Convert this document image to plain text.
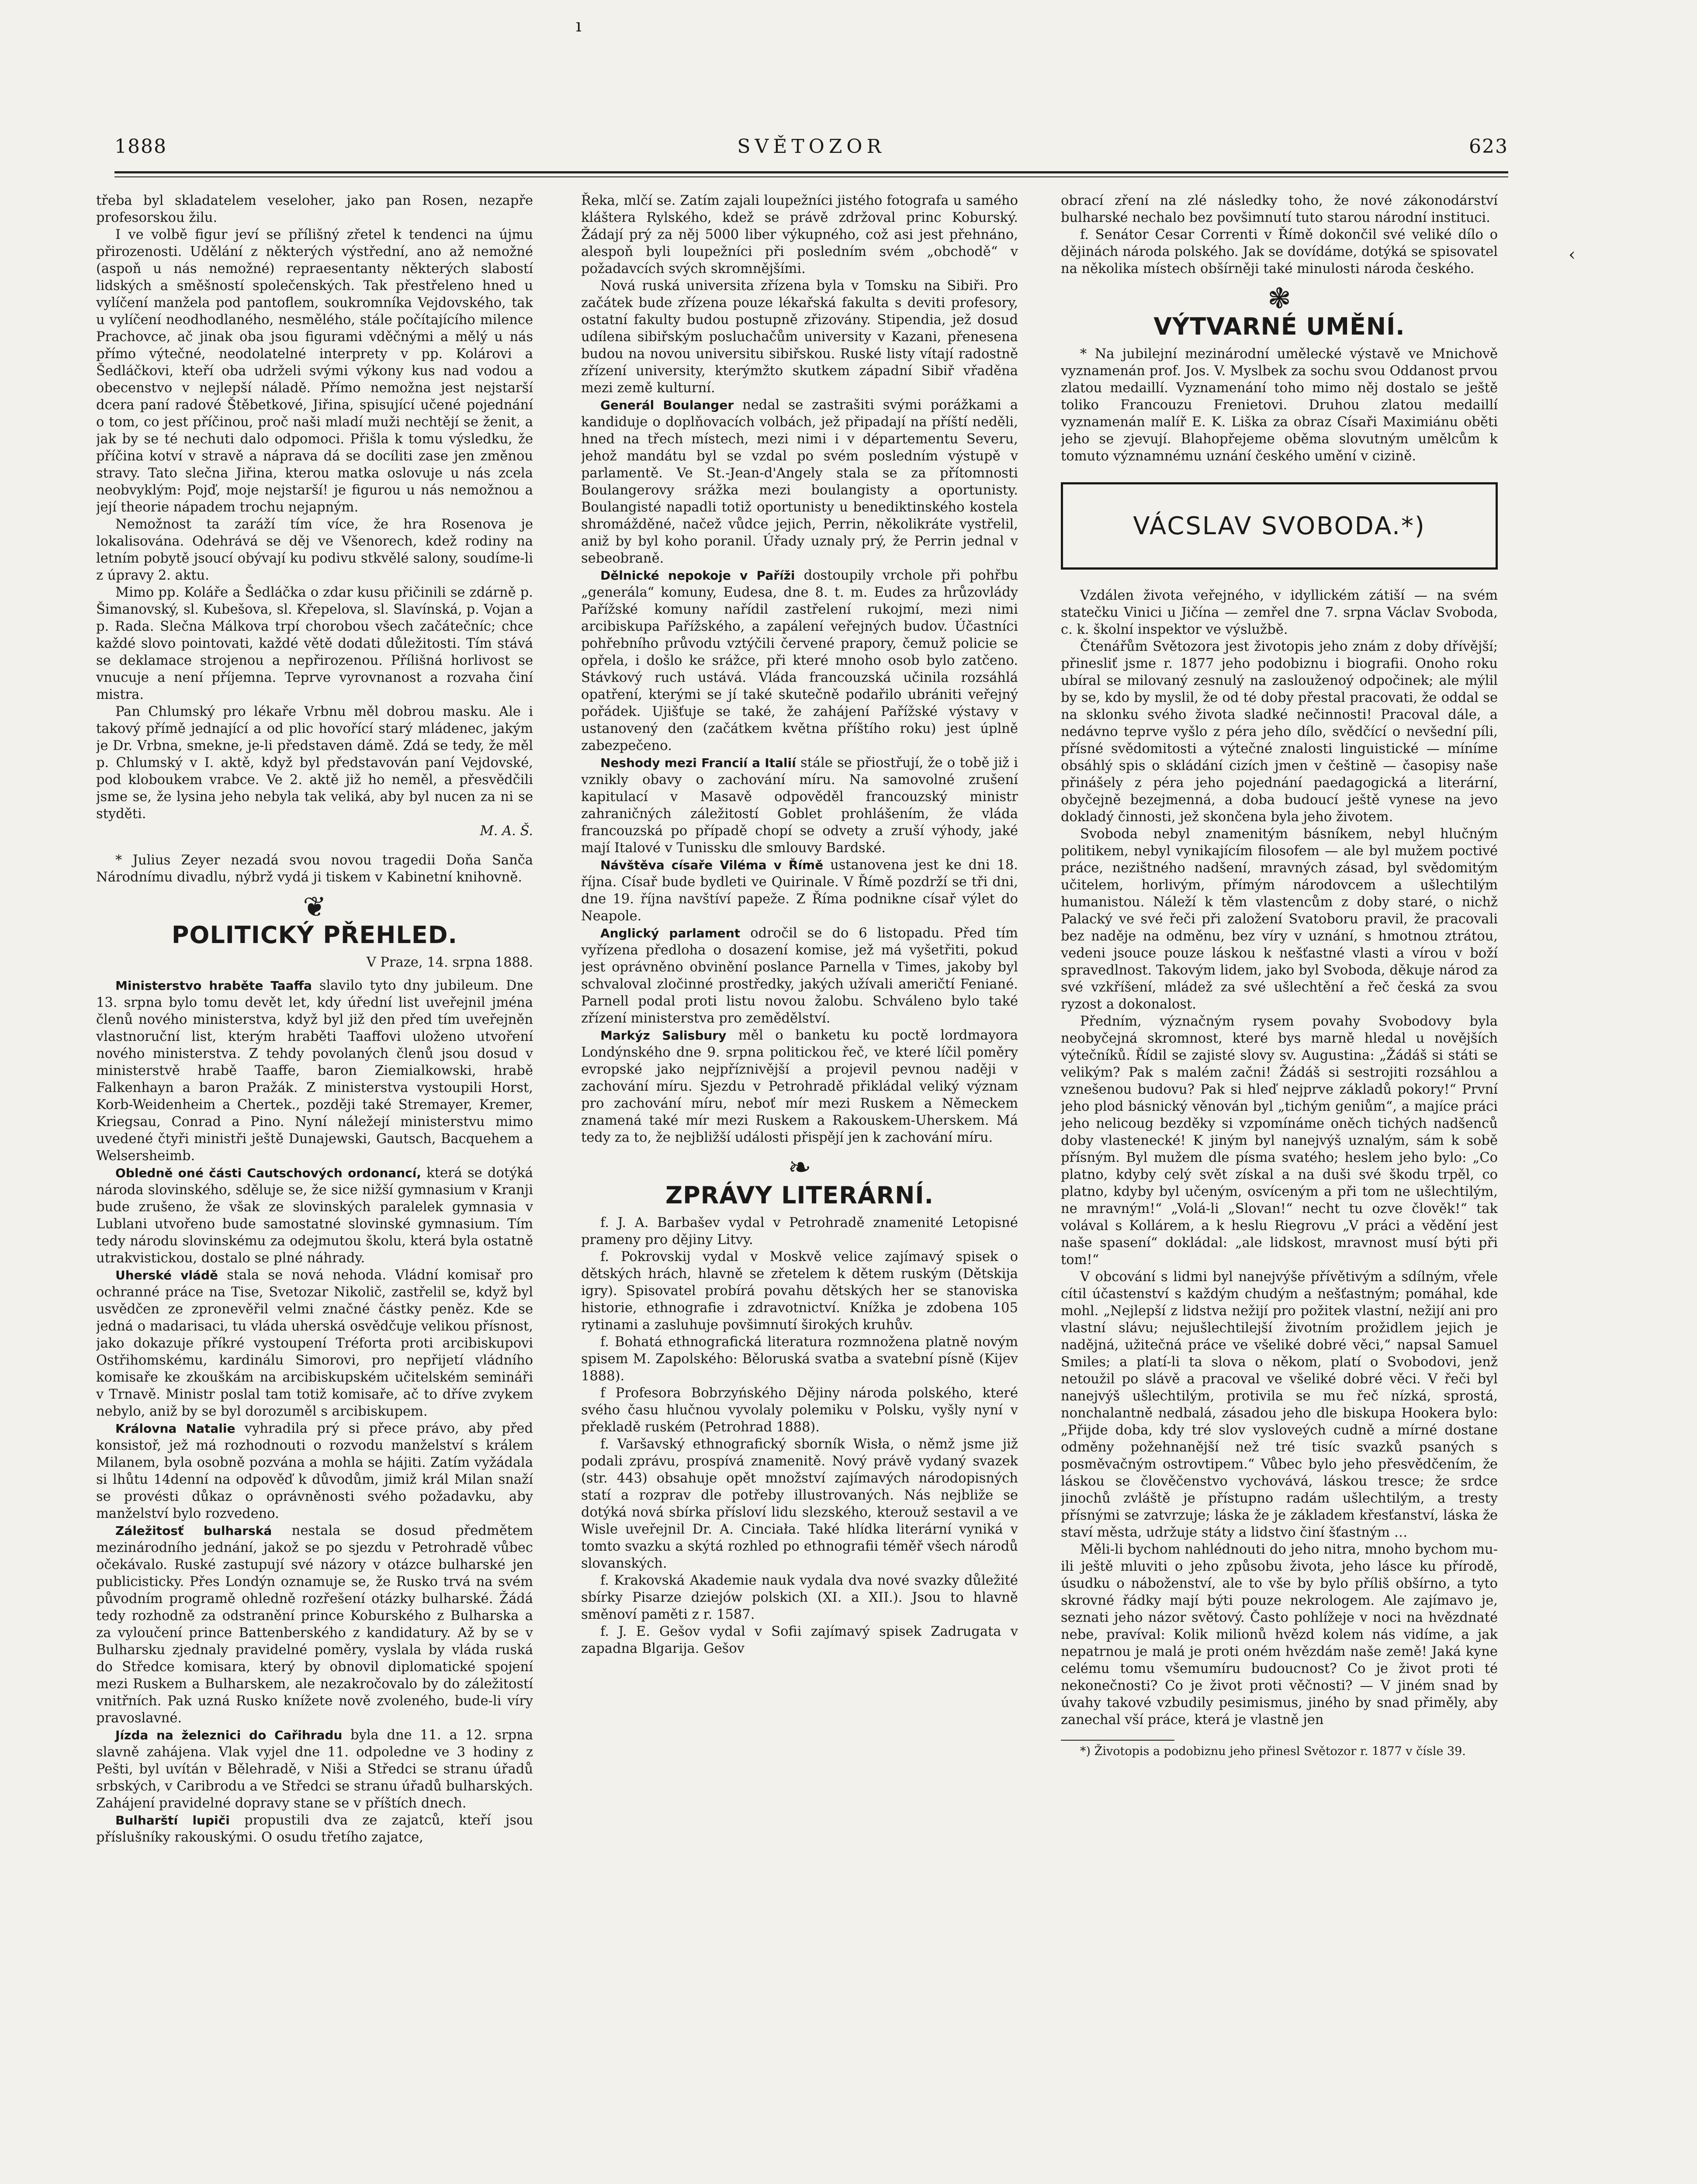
1888	SVĚTOZOR	623
ı
‹

třeba byl skladatelem veseloher, jako pan Rosen, nezapře profesorskou žilu.

I ve volbě figur jeví se přílišný zřetel k tendenci na újmu přirozenosti. Udělání z některých výstřední, ano až nemožné (aspoň u nás nemožné) repraesentanty některých slabostí lidských a směšností společenských. Tak přestřeleno hned u vylíčení manžela pod pantoflem, soukromníka Vejdovského, tak u vylíčení neodhodlaného, nesmělého, stále počítajícího milence Prachovce, ač jinak oba jsou figurami vděčnými a mělý u nás přímo výtečné, neodolatelné interprety v pp. Kolárovi a Šedláčkovi, kteří oba udrželi svými výkony kus nad vodou a obecenstvo v nejlepší náladě. Přímo nemožna jest nejstarší dcera paní radové Štěbetkové, Jiřina, spisující učené pojednání o tom, co jest příčinou, proč naši mladí muži nechtějí se ženit, a jak by se té nechuti dalo odpomoci. Přišla k tomu výsledku, že příčina kotví v stravě a náprava dá se docíliti zase jen změnou stravy. Tato slečna Jiřina, kterou matka oslovuje u nás zcela neobvyklým: Pojď, moje nejstarší! je figurou u nás nemožnou a její theorie nápadem trochu nejapným.

Nemožnost ta zaráží tím více, že hra Rosenova je lokalisována. Odehrává se děj ve Všenorech, kdež rodiny na letním pobytě jsoucí obývají ku podivu stkvělé salony, soudíme-li z úpravy 2. aktu.

Mimo pp. Koláře a Šedláčka o zdar kusu přičinili se zdárně p. Šimanovský, sl. Kubešova, sl. Křepelova, sl. Slavínská, p. Vojan a p. Rada. Slečna Málkova trpí chorobou všech začátečníc; chce každé slovo pointovati, každé větě dodati důležitosti. Tím stává se deklamace strojenou a nepřirozenou. Přílišná horlivost se vnucuje a není příjemna. Teprve vyrovnanost a rozvaha činí mistra.

Pan Chlumský pro lékaře Vrbnu měl dobrou masku. Ale i takový přímě jednající a od plic hovořící starý mládenec, jakým je Dr. Vrbna, smekne, je-li představen dámě. Zdá se tedy, že měl p. Chlumský v I. aktě, když byl představován paní Vejdovské, pod kloboukem vrabce. Ve 2. aktě již ho neměl, a přesvědčili jsme se, že lysina jeho nebyla tak veliká, aby byl nucen za ni se styděti.

M. A. Š.

* Julius Zeyer nezadá svou novou tragedii Doňa Sanča Národnímu divadlu, nýbrž vydá ji tiskem v Kabinetní knihovně.

❦
POLITICKÝ PŘEHLED.
V Praze, 14. srpna 1888.

Ministerstvo hraběte Taaffa slavilo tyto dny jubileum. Dne 13. srpna bylo tomu devět let, kdy úřední list uveřejnil jména členů nového ministerstva, když byl již den před tím uveřejněn vlastnoruční list, kterým hraběti Taaffovi uloženo utvoření nového ministerstva. Z tehdy povolaných členů jsou dosud v ministerstvě hrabě Taaffe, baron Ziemialkowski, hrabě Falkenhayn a baron Pražák. Z ministerstva vystoupili Horst, Korb-Weidenheim a Chertek., později také Stremayer, Kremer, Kriegsau, Conrad a Pino. Nyní náležejí ministerstvu mimo uvedené čtyři ministři ještě Dunajewski, Gautsch, Bacquehem a Welsersheimb.

Obledně oné části Cautschových ordonancí, která se dotýká národa slovinského, sděluje se, že sice nižší gymnasium v Kranji bude zrušeno, že však ze slovinských paralelek gymnasia v Lublani utvořeno bude samostatné slovinské gymnasium. Tím tedy národu slovinskému za odejmutou školu, která byla ostatně utrakvistickou, dostalo se plné náhrady.

Uherské vládě stala se nová nehoda. Vládní komisař pro ochranné práce na Tise, Svetozar Nikolič, zastřelil se, když byl usvědčen ze zpronevěřil velmi značné částky peněz. Kde se jedná o madarisaci, tu vláda uherská osvědčuje velikou přísnost, jako dokazuje příkré vystoupení Tréforta proti arcibiskupovi Ostřihomskému, kardinálu Simorovi, pro nepřijetí vládního komisaře ke zkouškám na arcibiskupském učitelském semináři v Trnavě. Ministr poslal tam totiž komisaře, ač to dříve zvykem nebylo, aniž by se byl dorozuměl s arcibiskupem.

Královna Natalie vyhradila prý si přece právo, aby před konsistoř, jež má rozhodnouti o rozvodu manželství s králem Milanem, byla osobně pozvána a mohla se hájiti. Zatím vyžádala si lhůtu 14denní na odpověď k důvodům, jimiž král Milan snaží se provésti důkaz o oprávněnosti svého požadavku, aby manželství bylo rozvedeno.

Záležitosť bulharská nestala se dosud předmětem mezinárodního jednání, jakož se po sjezdu v Petrohradě vůbec očekávalo. Ruské zastupují své názory v otázce bulharské jen publicisticky. Přes Londýn oznamuje se, že Rusko trvá na svém původním programě ohledně rozřešení otázky bulharské. Žádá tedy rozhodně za odstranění prince Koburského z Bulharska a za vyloučení prince Battenberského z kandidatury. Až by se v Bulharsku zjednaly pravidelné poměry, vyslala by vláda ruská do Středce komisara, který by obnovil diplomatické spojení mezi Ruskem a Bulharskem, ale nezakročovalo by do záležitostí vnitřních. Pak uzná Rusko knížete nově zvoleného, bude-li víry pravoslavné.

Jízda na železnici do Cařihradu byla dne 11. a 12. srpna slavně zahájena. Vlak vyjel dne 11. odpoledne ve 3 hodiny z Pešti, byl uvítán v Bělehradě, v Niši a Středci se stranu úřadů srbských, v Caribrodu a ve Středci se stranu úřadů bulharských. Zahájení pravidelné dopravy stane se v příštích dnech.

Bulharští lupiči propustili dva ze zajatců, kteří jsou příslušníky rakouskými. O osudu třetího zajatce,

Řeka, mlčí se. Zatím zajali loupežníci jistého fotografa u samého kláštera Rylského, kdež se právě zdržoval princ Koburský. Žádají prý za něj 5000 liber výkupného, což asi jest přehnáno, alespoň byli loupežníci při posledním svém „obchodě“ v požadavcích svých skromnějšími.

Nová ruská universita zřízena byla v Tomsku na Sibiři. Pro začátek bude zřízena pouze lékařská fakulta s deviti profesory, ostatní fakulty budou postupně zřizovány. Stipendia, jež dosud udílena sibiřským posluchačům university v Kazani, přenesena budou na novou universitu sibiřskou. Ruské listy vítají radostně zřízení university, kterýmžto skutkem západní Sibiř vřaděna mezi země kulturní.

Generál Boulanger nedal se zastrašiti svými porážkami a kandiduje o doplňovacích volbách, jež připadají na příští neděli, hned na třech místech, mezi nimi i v départementu Severu, jehož mandátu byl se vzdal po svém posledním výstupě v parlamentě. Ve St.-Jean-d'Angely stala se za přítomnosti Boulangerovy srážka mezi boulangisty a oportunisty. Boulangisté napadli totiž oportunisty u benediktinského kostela shromážděné, načež vůdce jejich, Perrin, několikráte vystřelil, aniž by byl koho poranil. Úřady uznaly prý, že Perrin jednal v sebeobraně.

Dělnické nepokoje v Paříži dostoupily vrchole při pohřbu „generála“ komuny, Eudesa, dne 8. t. m. Eudes za hrůzovlády Pařížské komuny nařídil zastřelení rukojmí, mezi nimi arcibiskupa Pařížského, a zapálení veřejných budov. Účastníci pohřebního průvodu vztýčili červené prapory, čemuž policie se opřela, i došlo ke srážce, při které mnoho osob bylo zatčeno. Stávkový ruch ustává. Vláda francouzská učinila rozsáhlá opatření, kterými se jí také skutečně podařilo ubrániti veřejný pořádek. Ujišťuje se také, že zahájení Pařížské výstavy v ustanovený den (začátkem května příštího roku) jest úplně zabezpečeno.

Neshody mezi Francií a Italií stále se přiostřují, že o tobě již i vznikly obavy o zachování míru. Na samovolné zrušení kapitulací v Masavě odpověděl francouzský ministr zahraničných záležitostí Goblet prohlášením, že vláda francouzská po případě chopí se odvety a zruší výhody, jaké mají Italové v Tunissku dle smlouvy Bardské.

Návštěva císaře Viléma v Římě ustanovena jest ke dni 18. října. Císař bude bydleti ve Quirinale. V Římě pozdrží se tři dni, dne 19. října navštíví papeže. Z Říma podnikne císař výlet do Neapole.

Anglický parlament odročil se do 6 listopadu. Před tím vyřízena předloha o dosazení komise, jež má vyšetřiti, pokud jest oprávněno obvinění poslance Parnella v Times, jakoby byl schvaloval zločinné prostředky, jakých užívali američtí Feniané. Parnell podal proti listu novou žalobu. Schváleno bylo také zřízení ministerstva pro zemědělství.

Markýz Salisbury měl o banketu ku poctě lordmayora Londýnského dne 9. srpna politickou řeč, ve které líčil poměry evropské jako nejpříznivější a projevil pevnou naději v zachování míru. Sjezdu v Petrohradě přikládal veliký význam pro zachování míru, neboť mír mezi Ruskem a Německem znamená také mír mezi Ruskem a Rakouskem-Uherskem. Má tedy za to, že nejbližší události přispějí jen k zachování míru.

❧
ZPRÁVY LITERÁRNÍ.

f. J. A. Barbašev vydal v Petrohradě znamenité Letopisné prameny pro dějiny Litvy.

f. Pokrovskij vydal v Moskvě velice zajímavý spisek o dětských hrách, hlavně se zřetelem k dětem ruským (Dětskija igry). Spisovatel probírá povahu dětských her se stanoviska historie, ethnografie i zdravotnictví. Knížka je zdobena 105 rytinami a zasluhuje povšimnutí širokých kruhův.

f. Bohatá ethnografická literatura rozmnožena platně novým spisem M. Zapolského: Běloruská svatba a svatební písně (Kijev 1888).

f Profesora Bobrzyńského Dějiny národa polského, které svého času hlučnou vyvolaly polemiku v Polsku, vyšly nyní v překladě ruském (Petrohrad 1888).

f. Varšavský ethnografický sborník Wisła, o němž jsme již podali zprávu, prospívá znamenitě. Nový právě vydaný svazek (str. 443) obsahuje opět množství zajímavých národopisných statí a rozprav dle potřeby illustrovaných. Nás nejbliže se dotýká nová sbírka přísloví lidu slezského, kterouž sestavil a ve Wisle uveřejnil Dr. A. Cinciała. Také hlídka literární vyniká v tomto svazku a skýtá rozhled po ethnografii téměř všech národů slovanských.

f. Krakovská Akademie nauk vydala dva nové svazky důležité sbírky Pisarze dziejów polskich (XI. a XII.). Jsou to hlavně směnoví paměti z r. 1587.

f. J. E. Gešov vydal v Sofii zajímavý spisek Zadrugata v zapadna Blgarija. Gešov

obrací zření na zlé následky toho, že nové zákonodárství bulharské nechalo bez povšimnutí tuto starou národní instituci.

f. Senátor Cesar Correnti v Římě dokončil své veliké dílo o dějinách národa polského. Jak se dovídáme, dotýká se spisovatel na několika místech obšírněji také minulosti národa českého.

❃
VÝTVARNÉ UMĚNÍ.

* Na jubilejní mezinárodní umělecké výstavě ve Mnichově vyznamenán prof. Jos. V. Myslbek za sochu svou Oddanost prvou zlatou medaillí. Vyznamenání toho mimo něj dostalo se ještě toliko Francouzu Frenietovi. Druhou zlatou medaillí vyznamenán malíř E. K. Liška za obraz Císaři Maximiánu oběti jeho se zjevují. Blahopřejeme oběma slovutným umělcům k tomuto významnému uznání českého umění v cizině.

VÁCSLAV SVOBODA.*)

Vzdálen života veřejného, v idyllickém zátiší — na svém statečku Vinici u Jičína — zemřel dne 7. srpna Václav Svoboda, c. k. školní inspektor ve výslužbě.

Čtenářům Světozora jest životopis jeho znám z doby dřívější; přinesliť jsme r. 1877 jeho podobiznu i biografii. Onoho roku ubíral se milovaný zesnulý na zaslouženoý odpočinek; ale mýlil by se, kdo by myslil, že od té doby přestal pracovati, že oddal se na sklonku svého života sladké nečinnosti! Pracoval dále, a nedávno teprve vyšlo z péra jeho dílo, svědčící o nevšední píli, přísné svědomitosti a výtečné znalosti linguistické — míníme obsáhlý spis o skládání cizích jmen v češtině — časopisy naše přinášely z péra jeho pojednání paedagogická a literární, obyčejně bezejmenná, a doba budoucí ještě vynese na jevo dokladý činnosti, jež skončena byla jeho životem.

Svoboda nebyl znamenitým básníkem, nebyl hlučným politikem, nebyl vynikajícím filosofem — ale byl mužem poctivé práce, nezištného nadšení, mravných zásad, byl svědomitým učitelem, horlivým, přímým národovcem a ušlechtilým humanistou. Náleží k těm vlastencům z doby staré, o nichž Palacký ve své řeči při založení Svatoboru pravil, že pracovali bez naděje na odměnu, bez víry v uznání, s hmotnou ztrátou, vedeni jsouce pouze láskou k nešťastné vlasti a vírou v boží spravedlnost. Takovým lidem, jako byl Svoboda, děkuje národ za své vzkříšení, mládež za své ušlechtění a řeč česká za svou ryzost a dokonalost.

Předním, význačným rysem povahy Svobodovy byla neobyčejná skromnost, které bys marně hledal u novějších výtečníků. Řídil se zajisté slovy sv. Augustina: „Žádáš si státi se velikým? Pak s malém začni! Žádáš si sestrojiti rozsáhlou a vznešenou budovu? Pak si hleď nejprve základů pokory!“ První jeho plod básnický věnován byl „tichým geniům“, a majíce práci jeho nelicoug bezděky si vzpomínáme oněch tichých nadšenců doby vlastenecké! K jiným byl nanejvýš uznalým, sám k sobě přísným. Byl mužem dle písma svatého; heslem jeho bylo: „Co platno, kdyby celý svět získal a na duši své škodu trpěl, co platno, kdyby byl učeným, osvíceným a při tom ne ušlechtilým, ne mravným!“ „Volá-li „Slovan!“ necht tu ozve člověk!“ tak volával s Kollárem, a k heslu Riegrovu „V práci a vědění jest naše spasení“ dokládal: „ale lidskost, mravnost musí býti při tom!“

V obcování s lidmi byl nanejvýše přívětivým a sdílným, vřele cítil účastenství s každým chudým a nešťastným; pomáhal, kde mohl. „Nejlepší z lidstva nežijí pro požitek vlastní, nežijí ani pro vlastní slávu; nejušlechtilejší životním prožidlem jejich je nadějná, užitečná práce ve všeliké dobré věci,“ napsal Samuel Smiles; a platí-li ta slova o někom, platí o Svobodovi, jenž netoužil po slávě a pracoval ve všeliké dobré věci. V řeči byl nanejvýš ušlechtilým, protivila se mu řeč nízká, sprostá, nonchalantně nedbalá, zásadou jeho dle biskupa Hookera bylo: „Přijde doba, kdy tré slov vysloveých cudně a mírné dostane odměny požehnanější než tré tisíc svazků psaných s posměvačným ostrovtipem.“ Vůbec bylo jeho přesvědčením, že láskou se člověčenstvo vychovává, láskou tresce; že srdce jinochů zvláště je přístupno radám ušlechtilým, a tresty přísnými se zatvrzuje; láska že je základem křesťanství, láska že staví města, udržuje státy a lidstvo činí šťastným …

Měli-li bychom nahlédnouti do jeho nitra, mnoho bychom mu-ili ještě mluviti o jeho způsobu života, jeho lásce ku přírodě, úsudku o náboženství, ale to vše by bylo příliš obšírno, a tyto skrovné řádky mají býti pouze nekrologem. Ale zajímavo je, seznati jeho názor světový. Často pohlížeje v noci na hvězdnaté nebe, pravíval: Kolik milionů hvězd kolem nás vidíme, a jak nepatrnou je malá je proti oném hvězdám naše země! Jaká kyne celému tomu všemumíru budoucnost? Co je život proti té nekonečnosti? Co je život proti věčnosti? — V jiném snad by úvahy takové vzbudily pesimismus, jiného by snad přiměly, aby zanechal vší práce, která je vlastně jen

*) Životopis a podobiznu jeho přinesl Světozor r. 1877 v čísle 39.
